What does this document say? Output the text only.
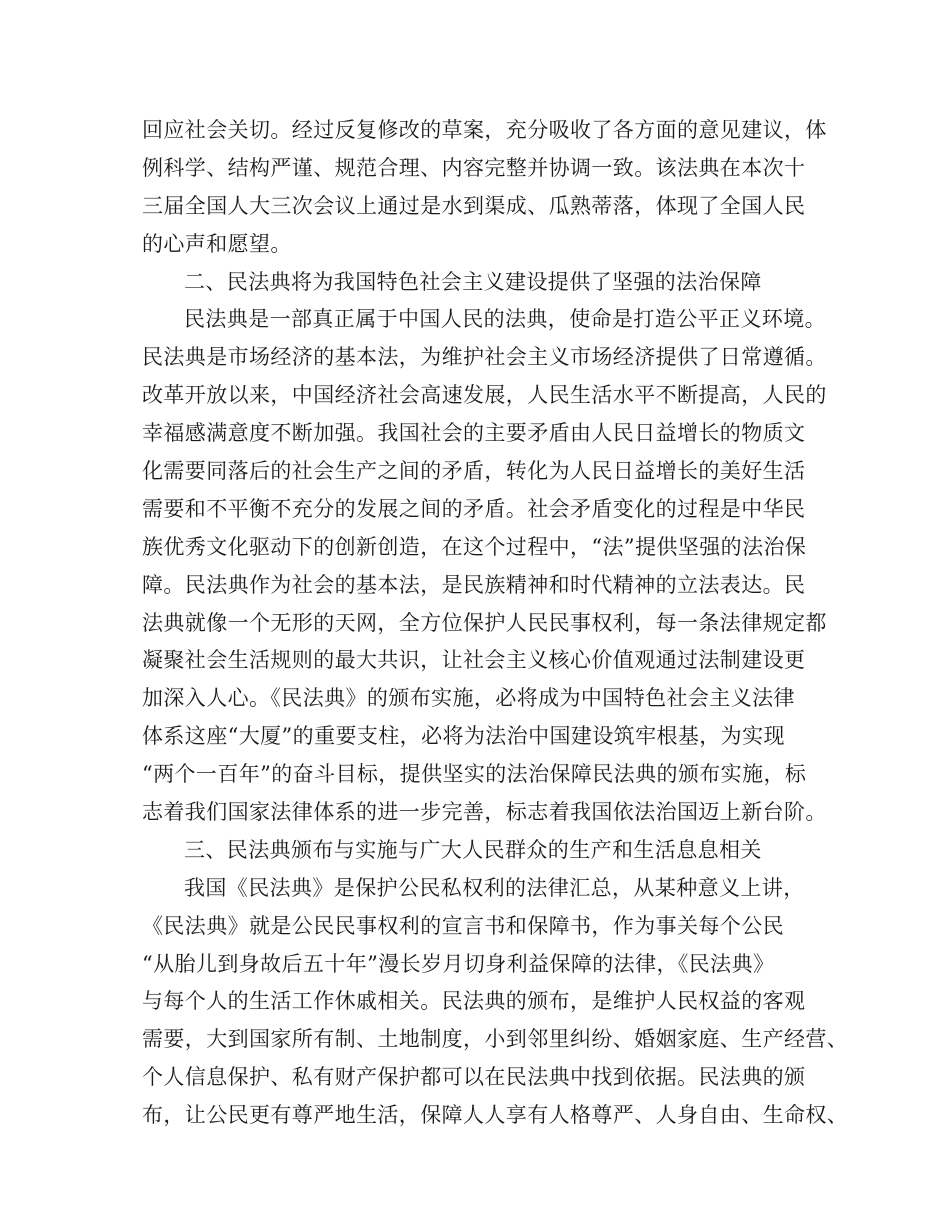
回应社会关切。经过反复修改的草案，充分吸收了各方面的意见建议，体
例科学、结构严谨、规范合理、内容完整并协调一致。该法典在本次十
三届全国人大三次会议上通过是水到渠成、瓜熟蒂落，体现了全国人民
的心声和愿望。
二、民法典将为我国特色社会主义建设提供了坚强的法治保障
民法典是一部真正属于中国人民的法典，使命是打造公平正义环境。
民法典是市场经济的基本法，为维护社会主义市场经济提供了日常遵循。
改革开放以来，中国经济社会高速发展，人民生活水平不断提高，人民的
幸福感满意度不断加强。我国社会的主要矛盾由人民日益增长的物质文
化需要同落后的社会生产之间的矛盾，转化为人民日益增长的美好生活
需要和不平衡不充分的发展之间的矛盾。社会矛盾变化的过程是中华民
族优秀文化驱动下的创新创造，在这个过程中，“法”提供坚强的法治保
障。民法典作为社会的基本法，是民族精神和时代精神的立法表达。民
法典就像一个无形的天网，全方位保护人民民事权利，每一条法律规定都
凝聚社会生活规则的最大共识，让社会主义核心价值观通过法制建设更
加深入人心。《民法典》的颁布实施，必将成为中国特色社会主义法律
体系这座“大厦”的重要支柱，必将为法治中国建设筑牢根基，为实现
“两个一百年”的奋斗目标，提供坚实的法治保障民法典的颁布实施，标
志着我们国家法律体系的进一步完善，标志着我国依法治国迈上新台阶。
三、民法典颁布与实施与广大人民群众的生产和生活息息相关
我国《民法典》是保护公民私权利的法律汇总，从某种意义上讲，
《民法典》就是公民民事权利的宣言书和保障书，作为事关每个公民
“从胎儿到身故后五十年”漫长岁月切身利益保障的法律，《民法典》
与每个人的生活工作休戚相关。民法典的颁布，是维护人民权益的客观
需要，大到国家所有制、土地制度，小到邻里纠纷、婚姻家庭、生产经营、
个人信息保护、私有财产保护都可以在民法典中找到依据。民法典的颁
布，让公民更有尊严地生活，保障人人享有人格尊严、人身自由、生命权、
